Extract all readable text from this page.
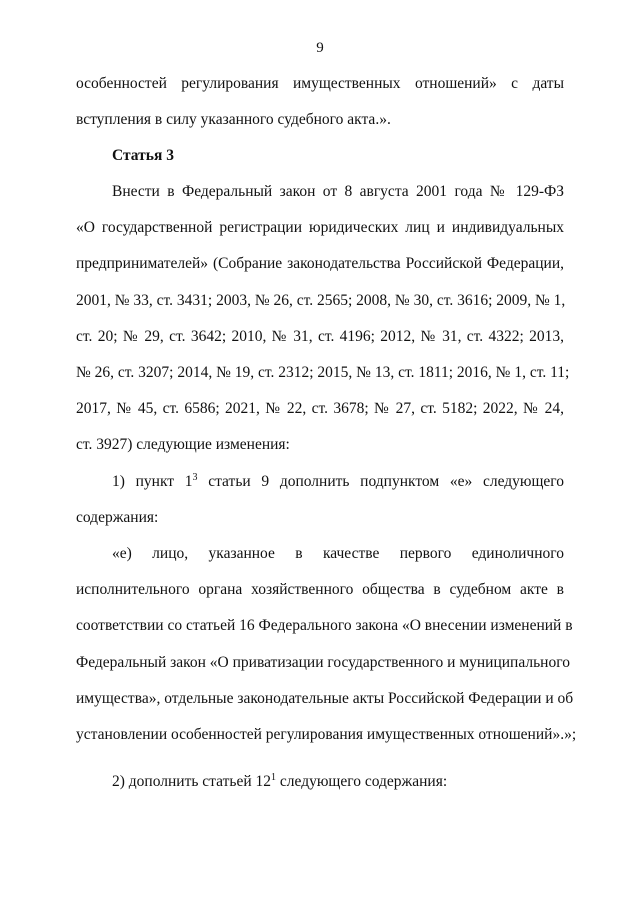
9
особенностей регулирования имущественных отношений» с даты
вступления в силу указанного судебного акта.».
Статья 3
Внести в Федеральный закон от 8 августа 2001 года № 129-ФЗ
«О государственной регистрации юридических лиц и индивидуальных
предпринимателей» (Собрание законодательства Российской Федерации,
2001, № 33, ст. 3431; 2003, № 26, ст. 2565; 2008, № 30, ст. 3616; 2009, № 1,
ст. 20; № 29, ст. 3642; 2010, № 31, ст. 4196; 2012, № 31, ст. 4322; 2013,
№ 26, ст. 3207; 2014, № 19, ст. 2312; 2015, № 13, ст. 1811; 2016, № 1, ст. 11;
2017, № 45, ст. 6586; 2021, № 22, ст. 3678; № 27, ст. 5182; 2022, № 24,
ст. 3927) следующие изменения:
1) пункт $1^3$ статьи 9 дополнить подпунктом «е» следующего
содержания:
«е) лицо, указанное в качестве первого единоличного
исполнительного органа хозяйственного общества в судебном акте в
соответствии со статьей 16 Федерального закона «О внесении изменений в
Федеральный закон «О приватизации государственного и муниципального
имущества», отдельные законодательные акты Российской Федерации и об
установлении особенностей регулирования имущественных отношений».»;
2) дополнить статьей $12^1$ следующего содержания:
